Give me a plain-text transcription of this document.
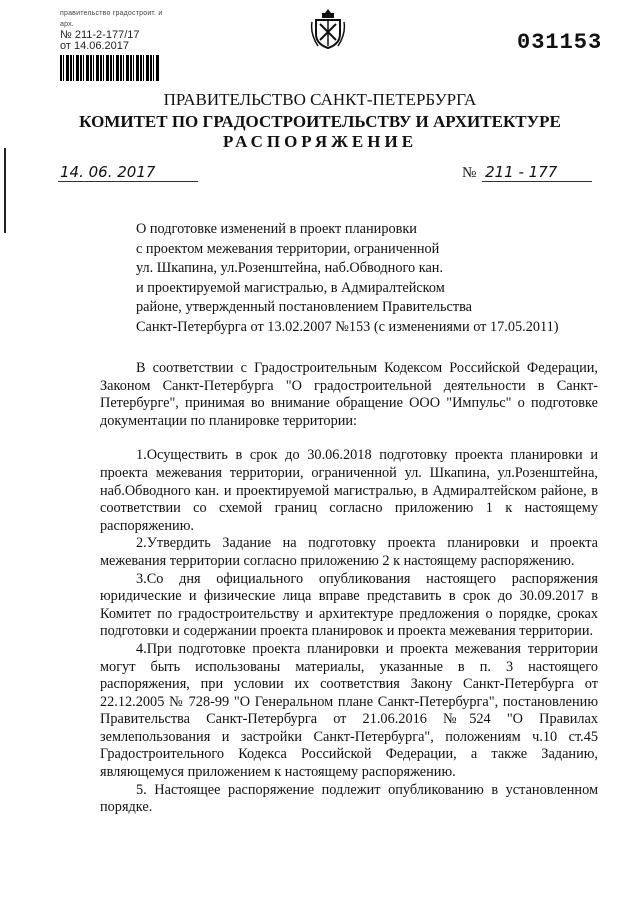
правительство градостроит. и арх.
№ 211-2-177/17
от 14.06.2017	031153
ПРАВИТЕЛЬСТВО САНКТ-ПЕТЕРБУРГА
КОМИТЕТ ПО ГРАДОСТРОИТЕЛЬСТВУ И АРХИТЕКТУРЕ
РАСПОРЯЖЕНИЕ
14. 06. 2017	№ 211 - 177
О подготовке изменений в проект планировки
с проектом межевания территории, ограниченной
ул. Шкапина, ул.Розенштейна, наб.Обводного кан.
и проектируемой магистралью, в Адмиралтейском
районе, утвержденный постановлением Правительства
Санкт-Петербурга от 13.02.2007 №153 (с изменениями от 17.05.2011)

В соответствии с Градостроительным Кодексом Российской Федерации, Законом Санкт-Петербурга "О градостроительной деятельности в Санкт-Петербурге", принимая во внимание обращение ООО "Импульс" о подготовке документации по планировке территории:

1.Осуществить в срок до 30.06.2018 подготовку проекта планировки и проекта межевания территории, ограниченной ул. Шкапина, ул.Розенштейна, наб.Обводного кан. и проектируемой магистралью, в Адмиралтейском районе, в соответствии со схемой границ согласно приложению 1 к настоящему распоряжению.

2.Утвердить Задание на подготовку проекта планировки и проекта межевания территории согласно приложению 2 к настоящему распоряжению.

3.Со дня официального опубликования настоящего распоряжения юридические и физические лица вправе представить в срок до 30.09.2017 в Комитет по градостроительству и архитектуре предложения о порядке, сроках подготовки и содержании проекта планировок и проекта межевания территории.

4.При подготовке проекта планировки и проекта межевания территории могут быть использованы материалы, указанные в п. 3 настоящего распоряжения, при условии их соответствия Закону Санкт-Петербурга от 22.12.2005 № 728-99 "О Генеральном плане Санкт-Петербурга", постановлению Правительства Санкт-Петербурга от 21.06.2016 №524 "О Правилах землепользования и застройки Санкт-Петербурга", положениям ч.10 ст.45 Градостроительного Кодекса Российской Федерации, а также Заданию, являющемуся приложением к настоящему распоряжению.

5. Настоящее распоряжение подлежит опубликованию в установленном порядке.
